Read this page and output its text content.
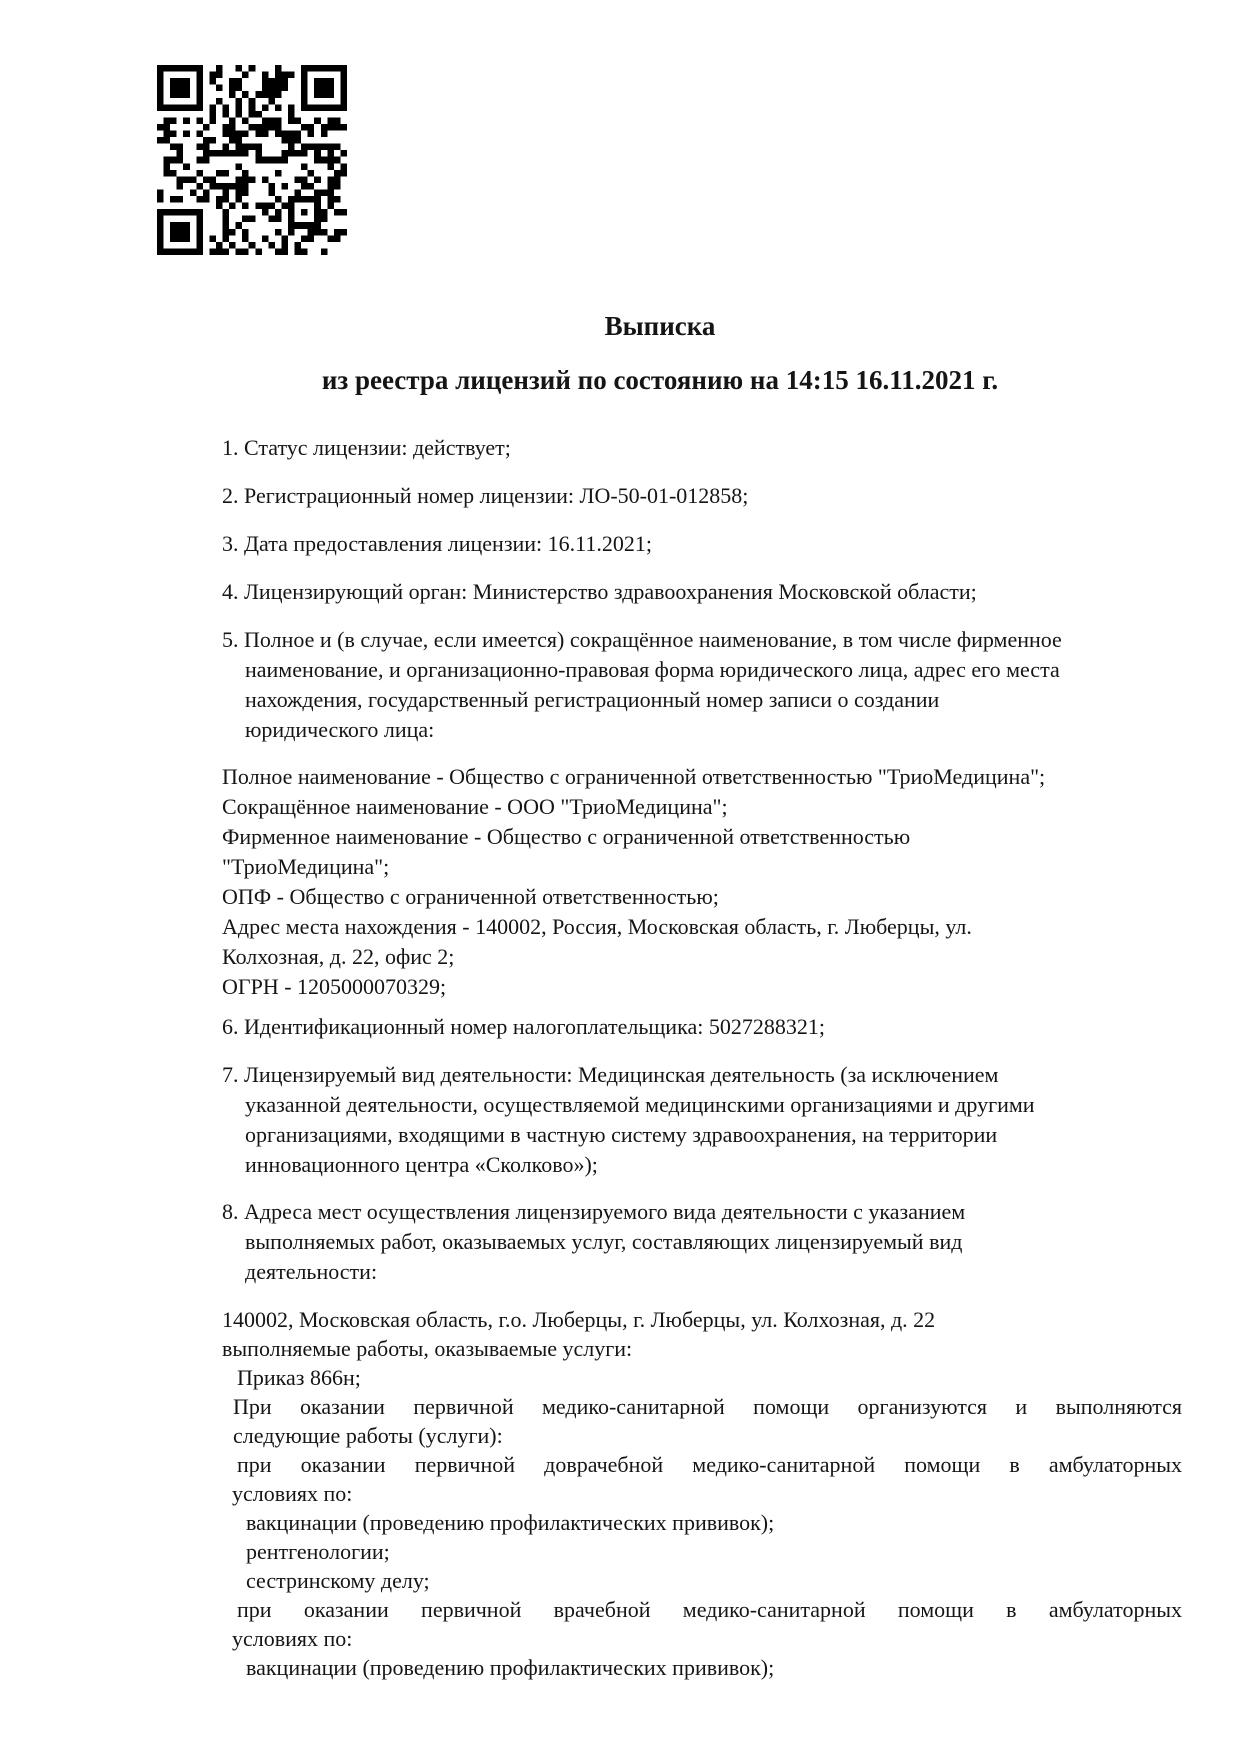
Выписка
из реестра лицензий по состоянию на 14:15 16.11.2021 г.
1. Статус лицензии: действует;
2. Регистрационный номер лицензии: ЛО-50-01-012858;
3. Дата предоставления лицензии: 16.11.2021;
4. Лицензирующий орган: Министерство здравоохранения Московской области;
5. Полное и (в случае, если имеется) сокращённое наименование, в том числе фирменное
наименование, и организационно-правовая форма юридического лица, адрес его места
нахождения, государственный регистрационный номер записи о создании
юридического лица:
Полное наименование - Общество с ограниченной ответственностью "ТриоМедицина";
Сокращённое наименование - ООО "ТриоМедицина";
Фирменное наименование - Общество с ограниченной ответственностью
"ТриоМедицина";
ОПФ - Общество с ограниченной ответственностью;
Адрес места нахождения - 140002, Россия, Московская область, г. Люберцы, ул.
Колхозная, д. 22, офис 2;
ОГРН - 1205000070329;
6. Идентификационный номер налогоплательщика: 5027288321;
7. Лицензируемый вид деятельности: Медицинская деятельность (за исключением
указанной деятельности, осуществляемой медицинскими организациями и другими
организациями, входящими в частную систему здравоохранения, на территории
инновационного центра «Сколково»);
8. Адреса мест осуществления лицензируемого вида деятельности с указанием
выполняемых работ, оказываемых услуг, составляющих лицензируемый вид
деятельности:
140002, Московская область, г.о. Люберцы, г. Люберцы, ул. Колхозная, д. 22
выполняемые работы, оказываемые услуги:
Приказ 866н;
При оказании первичной медико-санитарной помощи организуются и выполняются
следующие работы (услуги):
при оказании первичной доврачебной медико-санитарной помощи в амбулаторных
условиях по:
вакцинации (проведению профилактических прививок);
рентгенологии;
сестринскому делу;
при оказании первичной врачебной медико-санитарной помощи в амбулаторных
условиях по:
вакцинации (проведению профилактических прививок);
